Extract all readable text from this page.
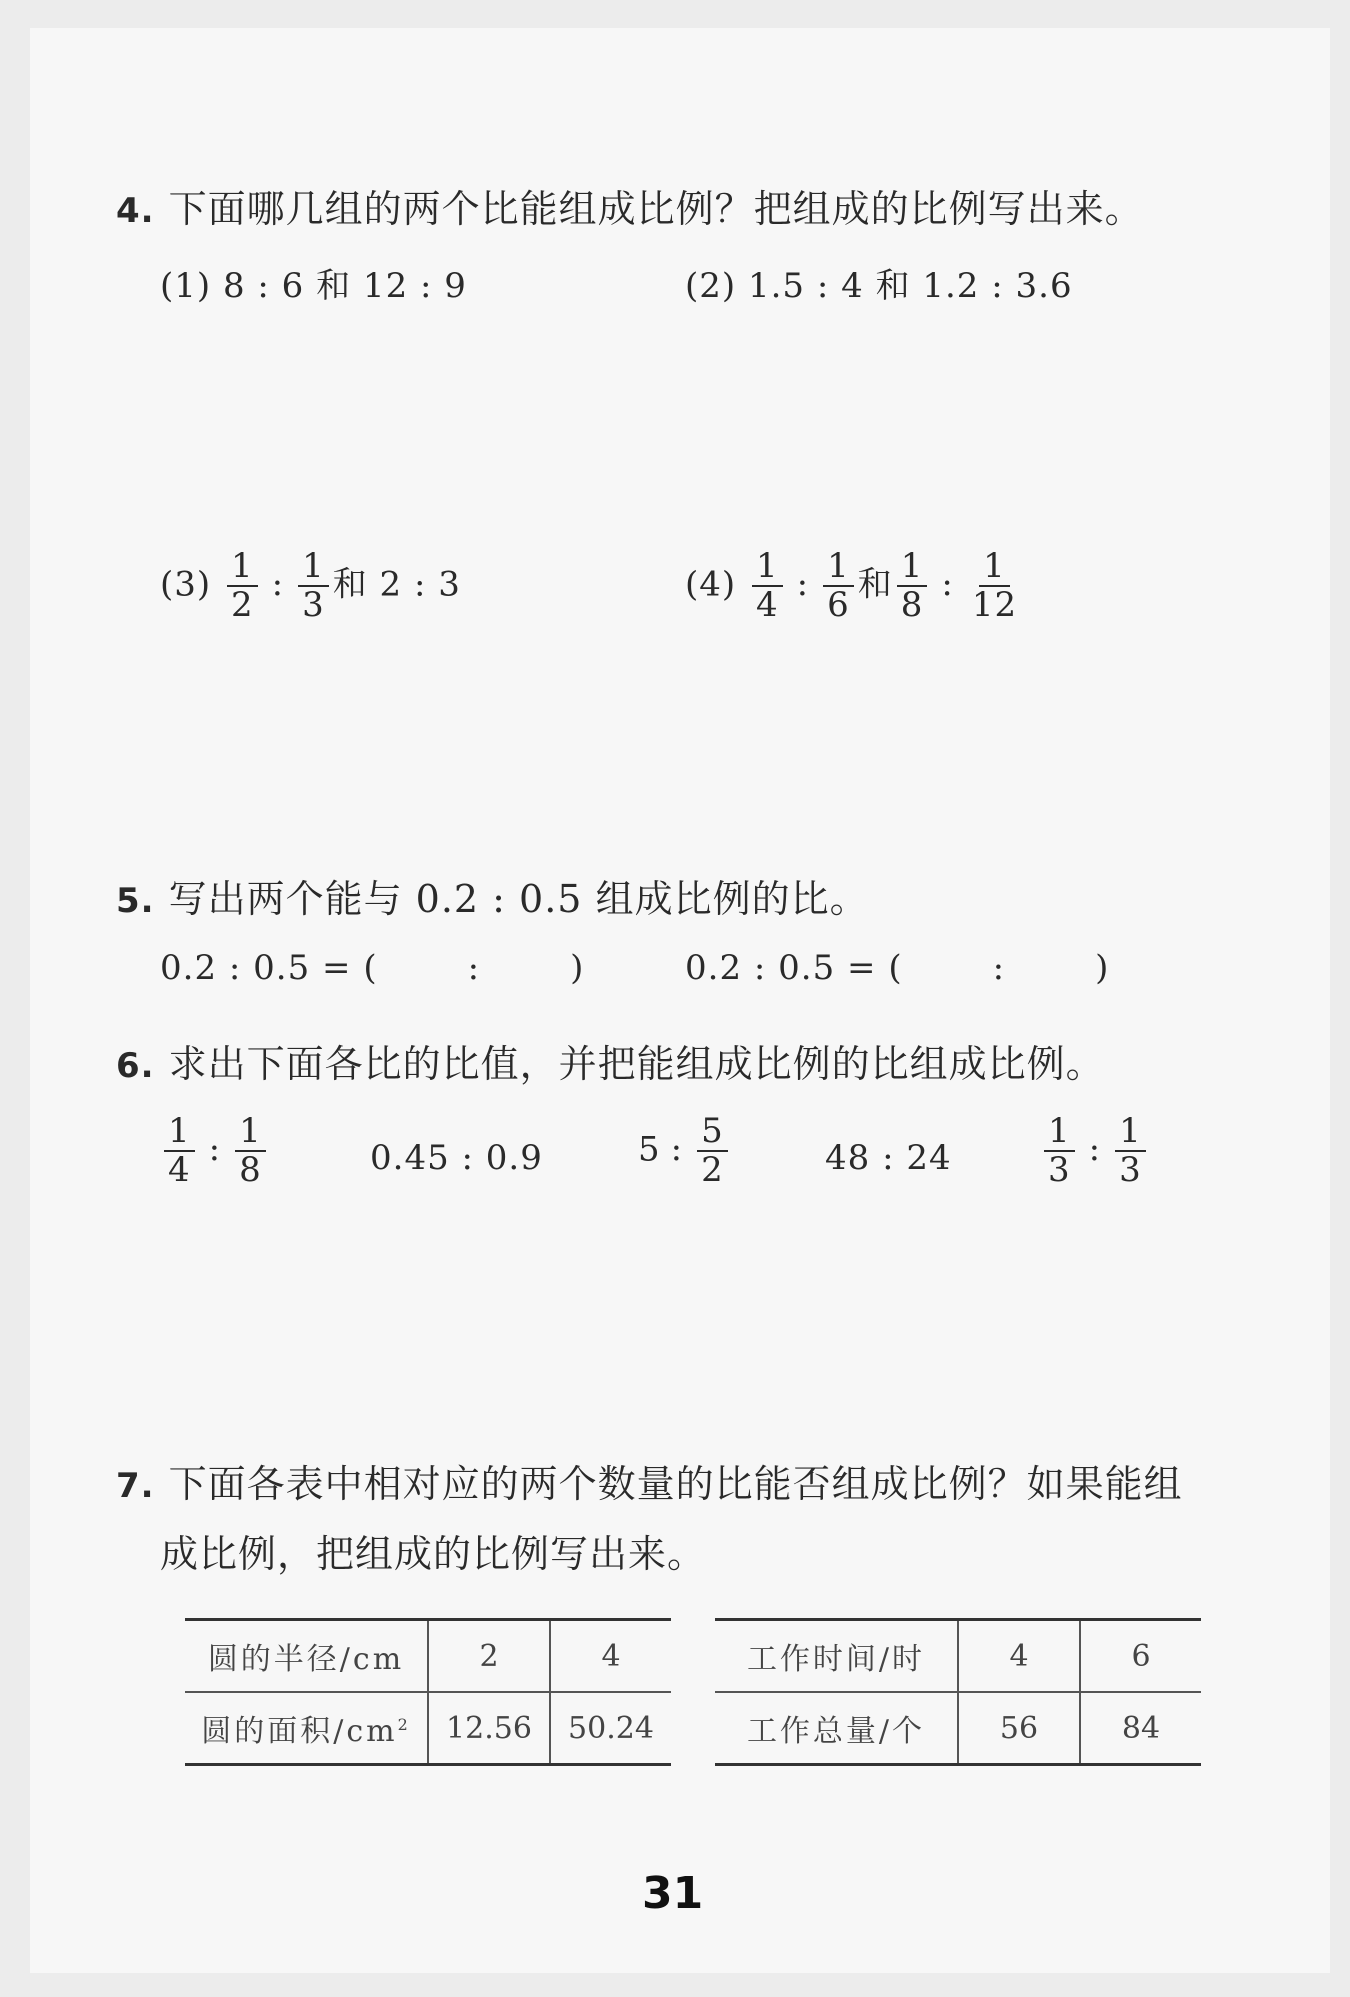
4. 下面哪几组的两个比能组成比例？把组成的比例写出来。
(1) 8 : 6 和 12 : 9	(2) 1.5 : 4 和 1.2 : 3.6
$(3) \frac{1}{2}$ : $\frac{1}{3}$ 和 2 : 3	$(4) \frac{1}{4}$ : $\frac{1}{6}$ 和 $\frac{1}{8}$ : $\frac{1}{12}$
5. 写出两个能与 0.2 : 0.5 组成比例的比。
0.2 : 0.5 = (	:	)	0.2 : 0.5 = (	:	)
6. 求出下面各比的比值，并把能组成比例的比组成比例。
$\frac{1}{4}$ : $\frac{1}{8}$	0.45 : 0.9	5 : $\frac{5}{2}$	48 : 24	$\frac{1}{3}$ : $\frac{1}{3}$
7. 下面各表中相对应的两个数量的比能否组成比例？如果能组
成比例，把组成的比例写出来。
圆的半径/cm	2	4
圆的面积$/cm^2$	12.56	50.24
工作时间/时	4	6
工作总量/个	56	84
31
